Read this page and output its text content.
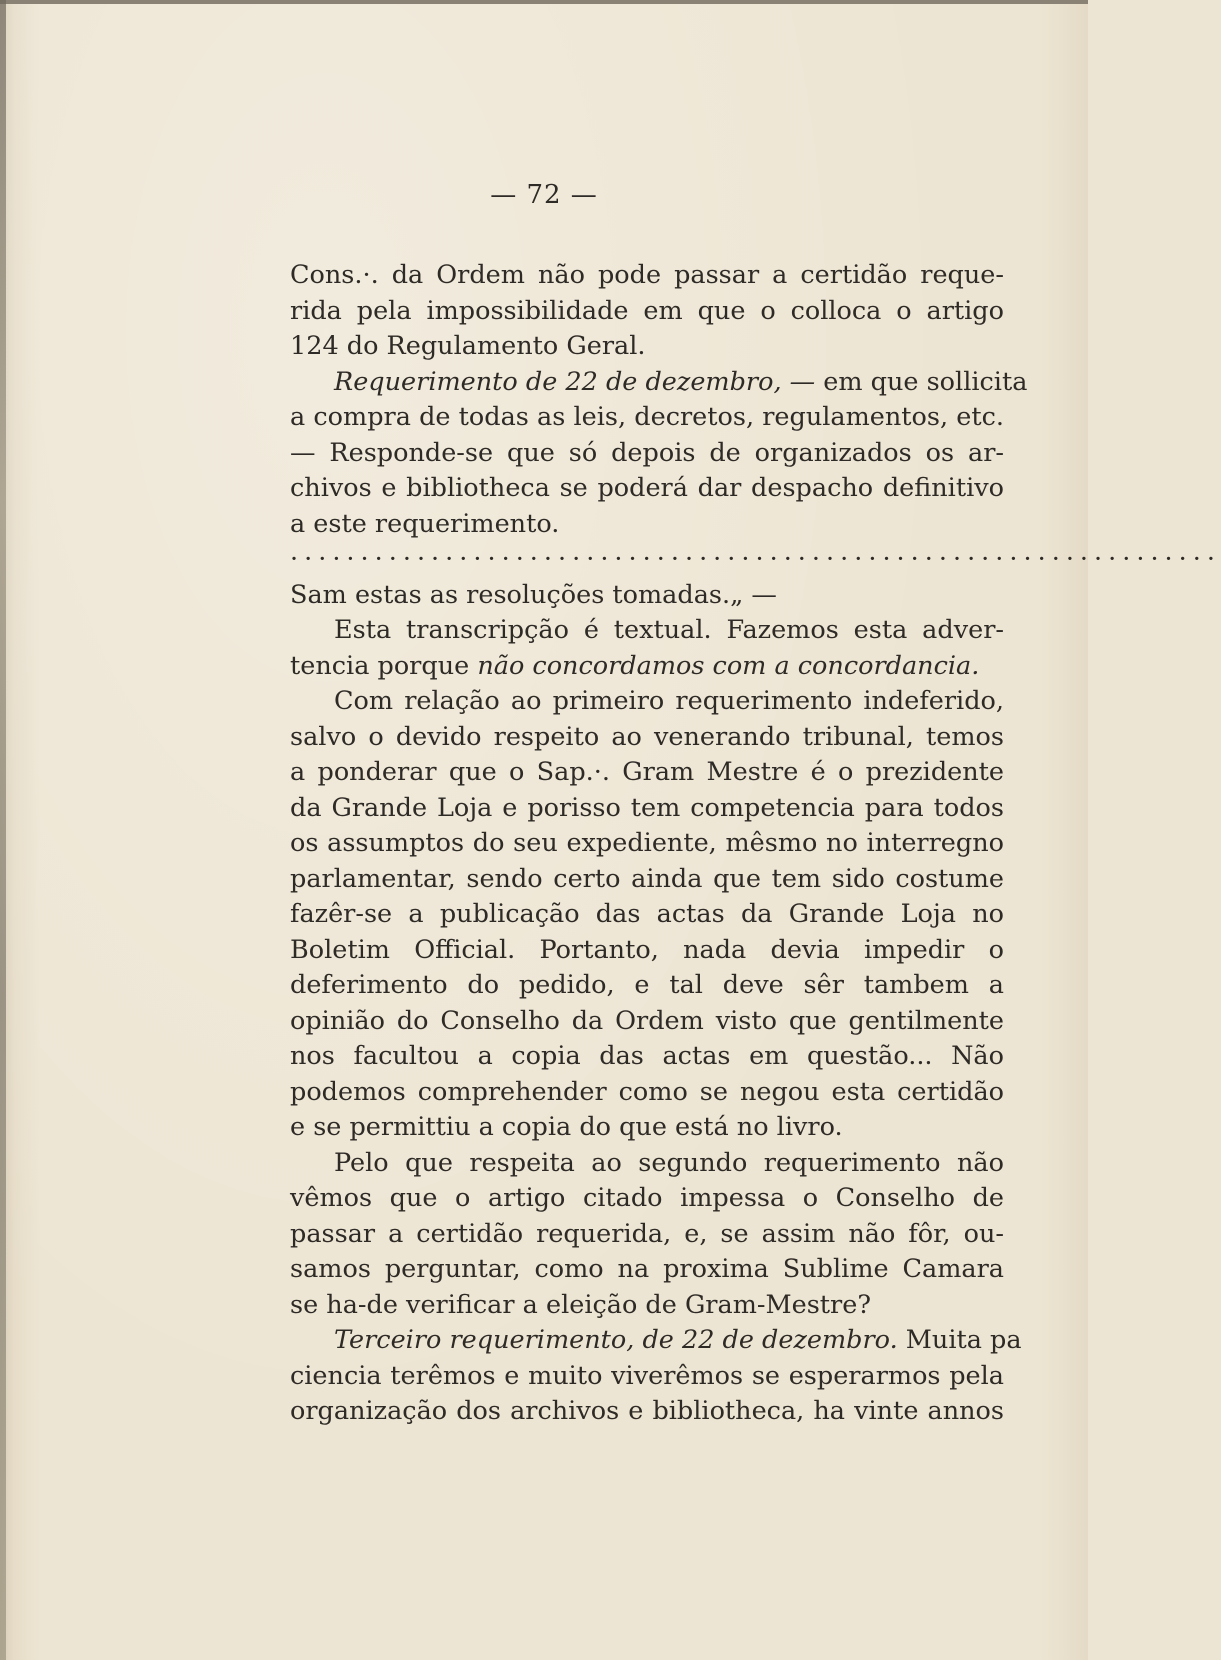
— 72 —
Cons.·. da Ordem não pode passar a certidão reque-
rida pela impossibilidade em que o colloca o artigo
124 do Regulamento Geral.
Requerimento de 22 de dezembro, — em que sollicita
a compra de todas as leis, decretos, regulamentos, etc.
— Responde-se que só depois de organizados os ar-
chivos e bibliotheca se poderá dar despacho definitivo
a este requerimento.
··································································
Sam estas as resoluções tomadas.„ —
Esta transcripção é textual. Fazemos esta adver-
tencia porque não concordamos com a concordancia.
Com relação ao primeiro requerimento indeferido,
salvo o devido respeito ao venerando tribunal, temos
a ponderar que o Sap.·. Gram Mestre é o prezidente
da Grande Loja e porisso tem competencia para todos
os assumptos do seu expediente, mêsmo no interregno
parlamentar, sendo certo ainda que tem sido costume
fazêr-se a publicação das actas da Grande Loja no
Boletim Official. Portanto, nada devia impedir o
deferimento do pedido, e tal deve sêr tambem a
opinião do Conselho da Ordem visto que gentilmente
nos facultou a copia das actas em questão... Não
podemos comprehender como se negou esta certidão
e se permittiu a copia do que está no livro.
Pelo que respeita ao segundo requerimento não
vêmos que o artigo citado impessa o Conselho de
passar a certidão requerida, e, se assim não fôr, ou-
samos perguntar, como na proxima Sublime Camara
se ha-de verificar a eleição de Gram-Mestre?
Terceiro requerimento, de 22 de dezembro. Muita pa
ciencia terêmos e muito viverêmos se esperarmos pela
organização dos archivos e bibliotheca, ha vinte annos
